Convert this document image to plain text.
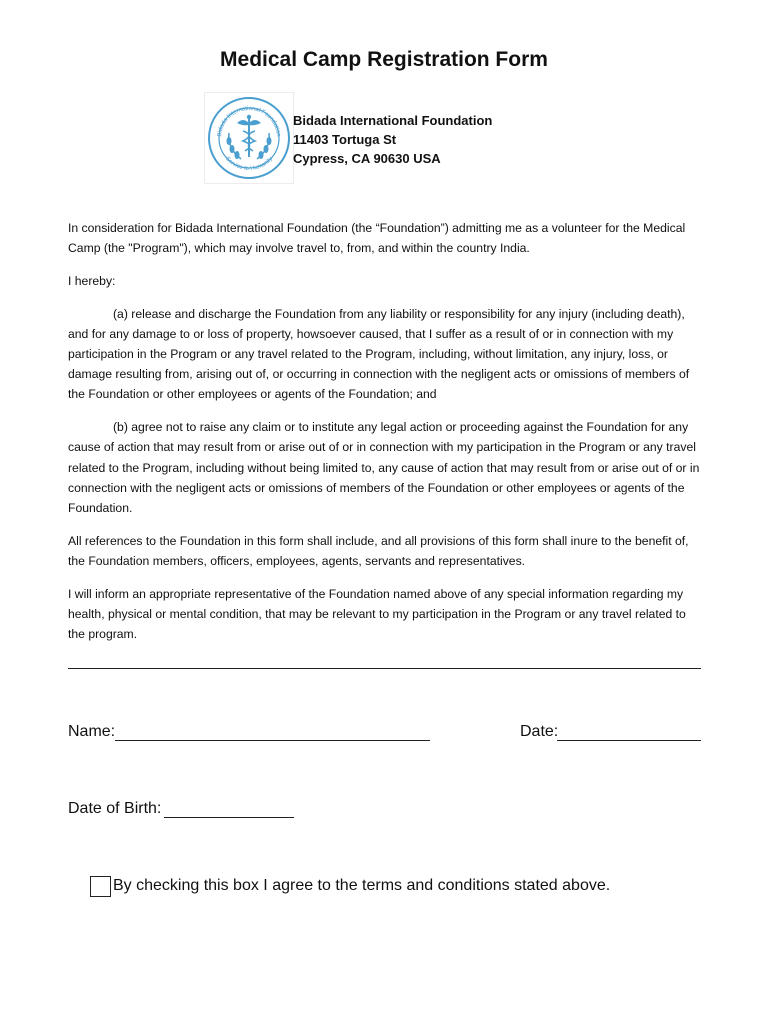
Medical Camp Registration Form
Bidada International Foundation
Service to Humanity
Bidada International Foundation
11403 Tortuga St
Cypress, CA 90630 USA

In consideration for Bidada International Foundation (the “Foundation”) admitting me as a volunteer for the Medical Camp (the "Program"), which may involve travel to, from, and within the country India.

I hereby:

(a) release and discharge the Foundation from any liability or responsibility for any injury (including death), and for any damage to or loss of property, howsoever caused, that I suffer as a result of or in connection with my participation in the Program or any travel related to the Program, including, without limitation, any injury, loss, or damage resulting from, arising out of, or occurring in connection with the negligent acts or omissions of members of the Foundation or other employees or agents of the Foundation; and

(b) agree not to raise any claim or to institute any legal action or proceeding against the Foundation for any cause of action that may result from or arise out of or in connection with my participation in the Program or any travel related to the Program, including without being limited to, any cause of action that may result from or arise out of or in connection with the negligent acts or omissions of members of the Foundation or other employees or agents of the Foundation.

All references to the Foundation in this form shall include, and all provisions of this form shall inure to the benefit of, the Foundation members, officers, employees, agents, servants and representatives.

I will inform an appropriate representative of the Foundation named above of any special information regarding my health, physical or mental condition, that may be relevant to my participation in the Program or any travel related to the program.

Name:	Date:
Date of Birth:
By checking this box I agree to the terms and conditions stated above.
